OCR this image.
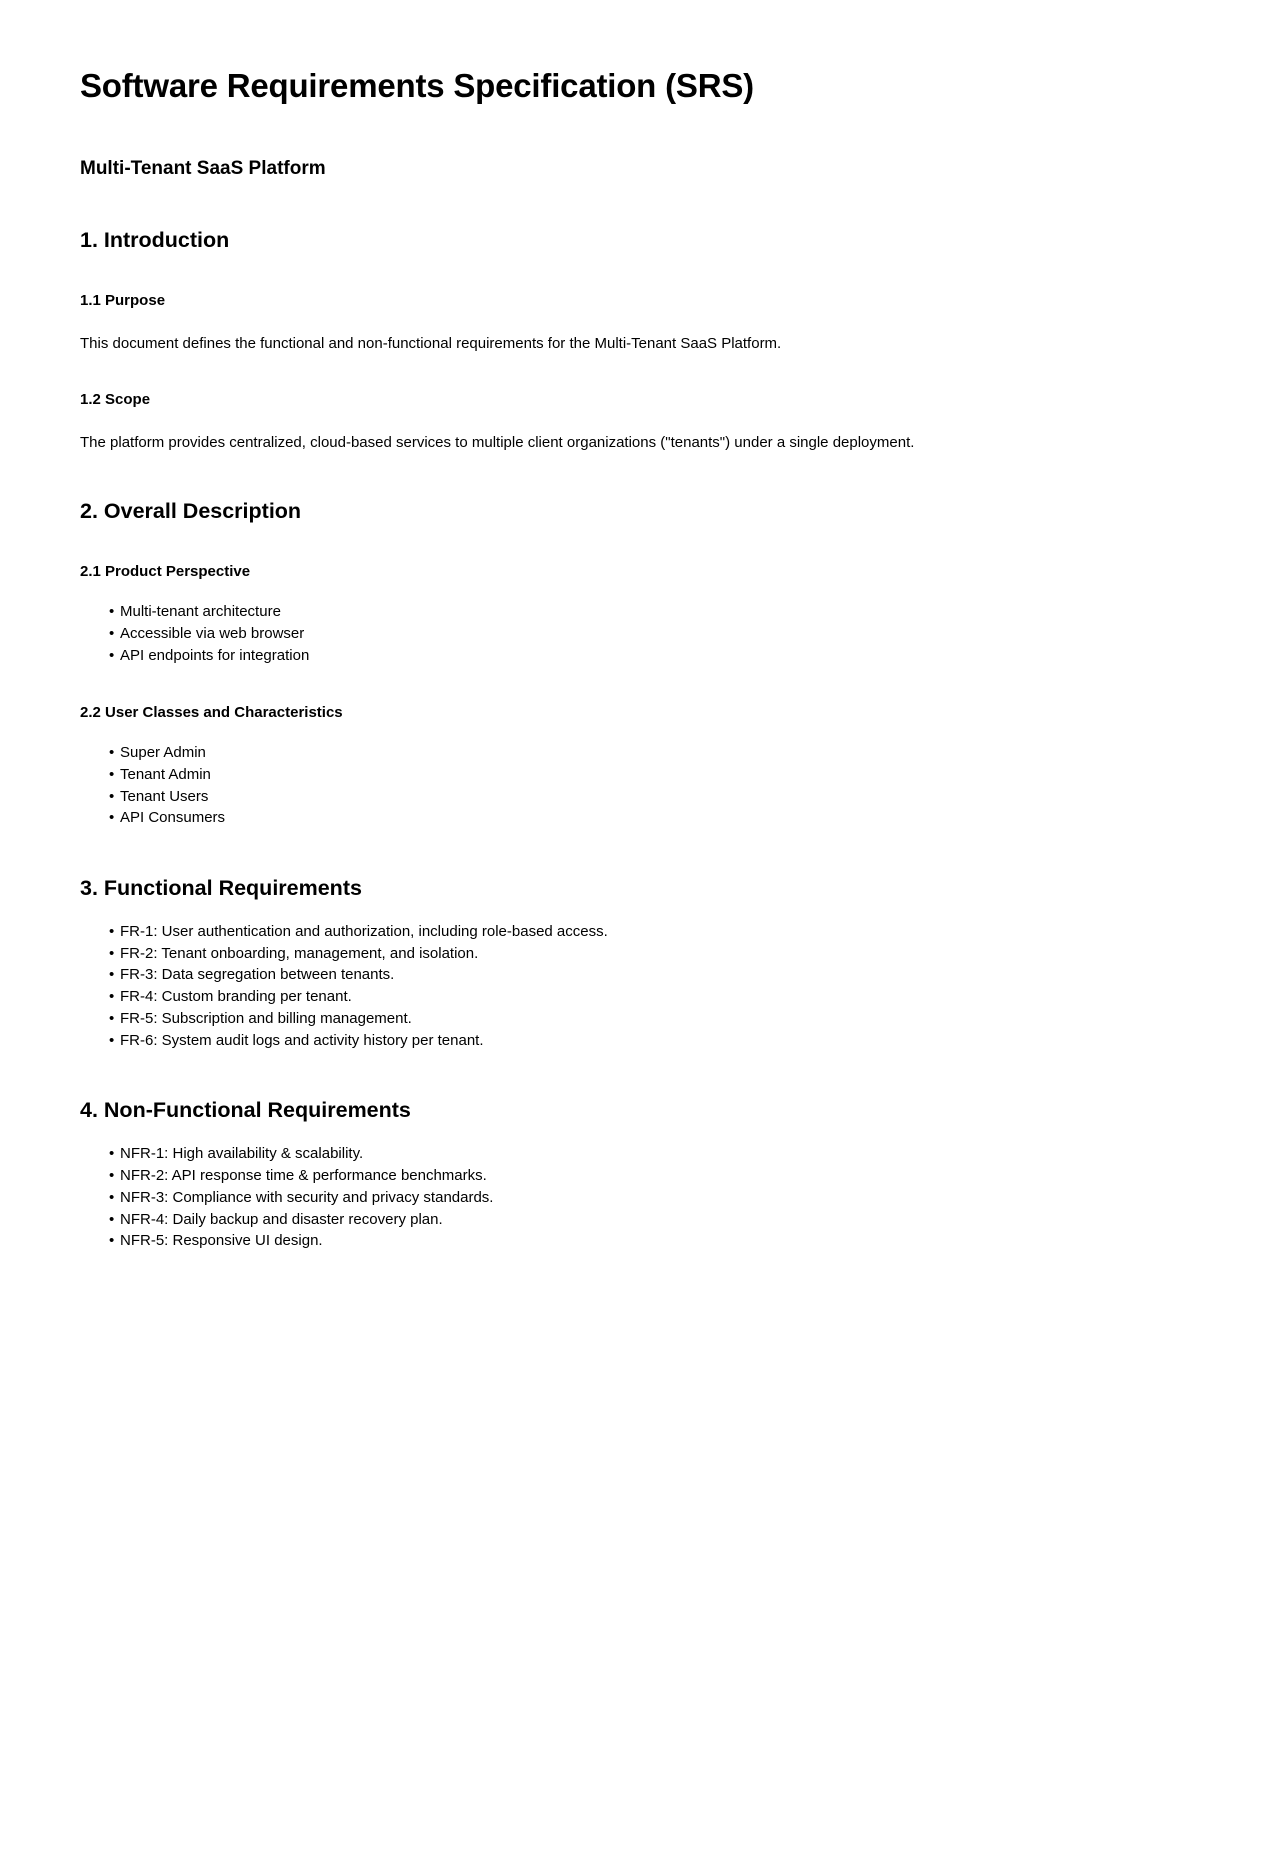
Software Requirements Specification (SRS)
Multi-Tenant SaaS Platform
1. Introduction
1.1 Purpose

This document defines the functional and non-functional requirements for the Multi-Tenant SaaS Platform.

1.2 Scope

The platform provides centralized, cloud-based services to multiple client organizations ("tenants") under a single deployment.

2. Overall Description
2.1 Product Perspective
• Multi-tenant architecture
• Accessible via web browser
• API endpoints for integration
2.2 User Classes and Characteristics
• Super Admin
• Tenant Admin
• Tenant Users
• API Consumers
3. Functional Requirements
• FR-1: User authentication and authorization, including role-based access.
• FR-2: Tenant onboarding, management, and isolation.
• FR-3: Data segregation between tenants.
• FR-4: Custom branding per tenant.
• FR-5: Subscription and billing management.
• FR-6: System audit logs and activity history per tenant.
4. Non-Functional Requirements
• NFR-1: High availability & scalability.
• NFR-2: API response time & performance benchmarks.
• NFR-3: Compliance with security and privacy standards.
• NFR-4: Daily backup and disaster recovery plan.
• NFR-5: Responsive UI design.
